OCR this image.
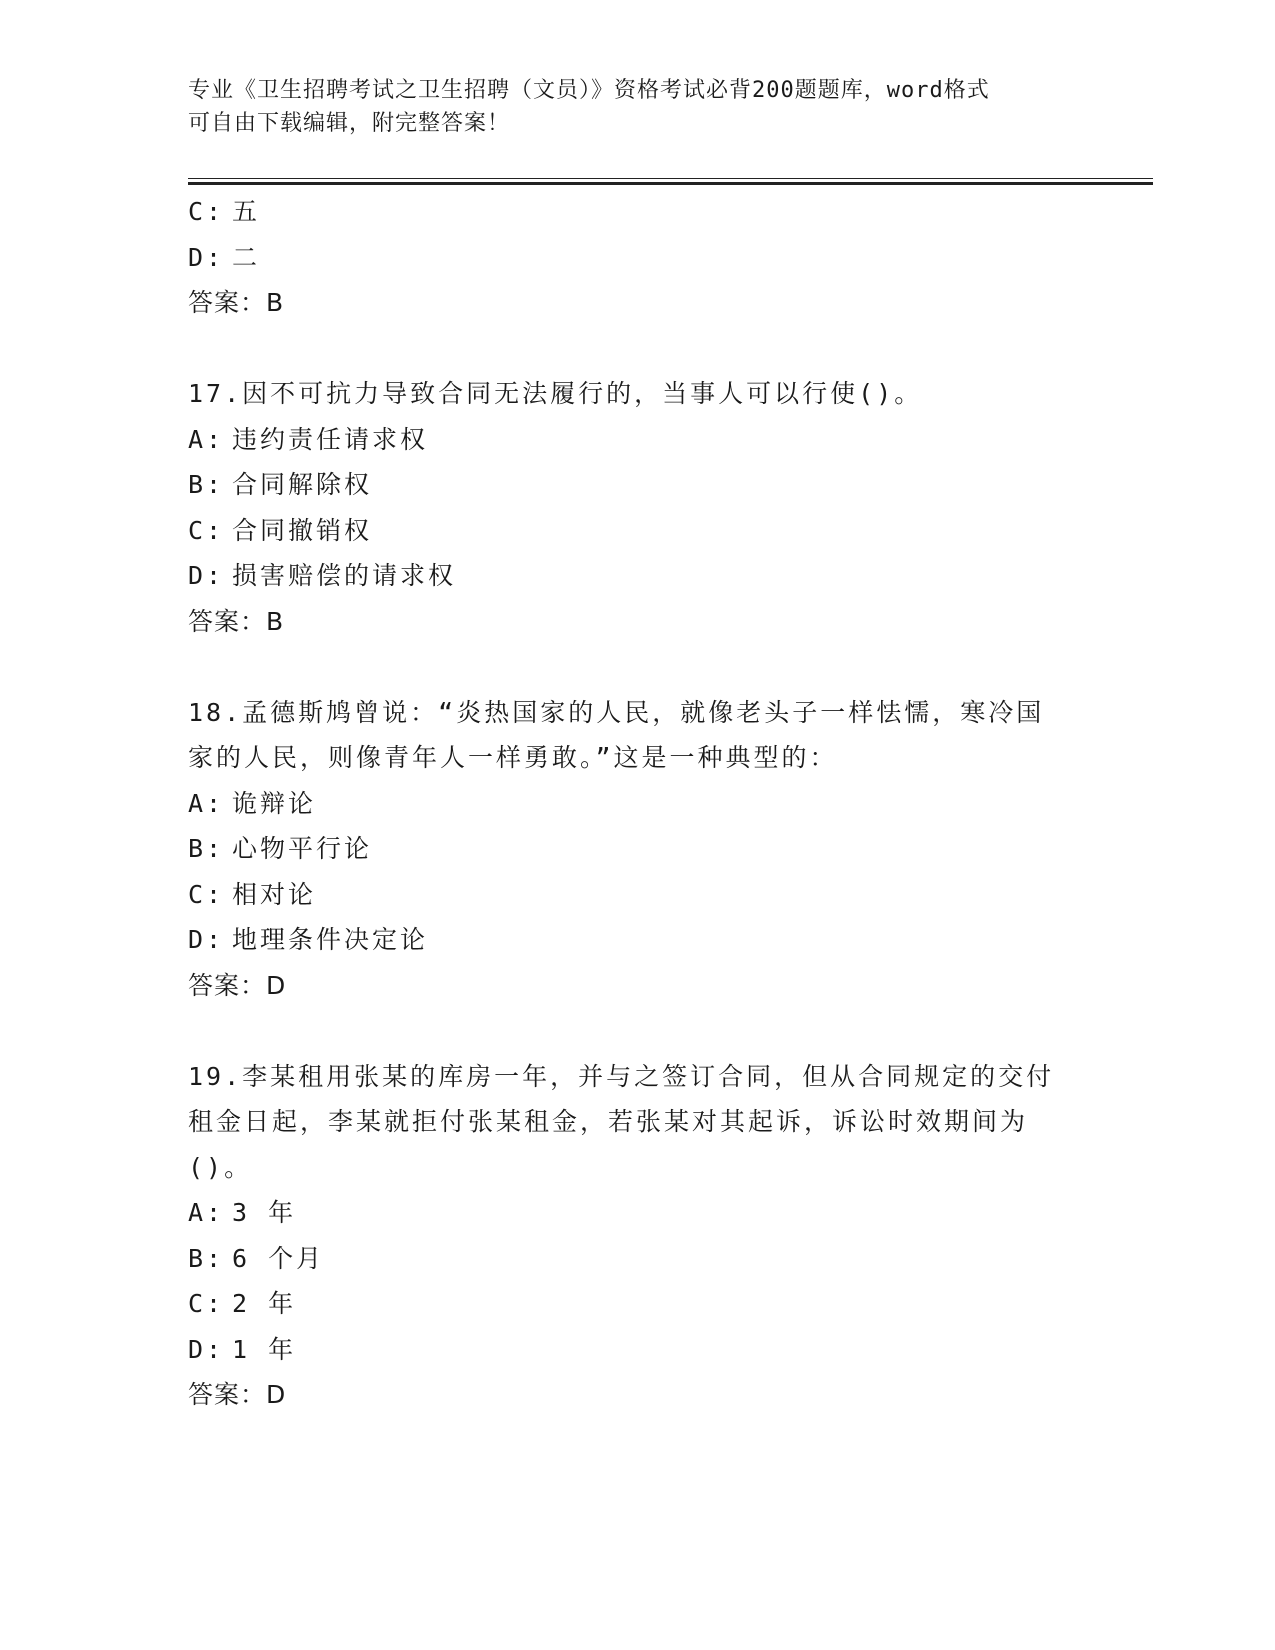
专业《卫生招聘考试之卫生招聘（文员）》资格考试必背200题题库，word格式
可自由下载编辑，附完整答案！
C: 五
D: 二
答案：B
17.因不可抗力导致合同无法履行的，当事人可以行使()。
A: 违约责任请求权
B: 合同解除权
C: 合同撤销权
D: 损害赔偿的请求权
答案：B
18.孟德斯鸠曾说：“炎热国家的人民，就像老头子一样怯懦，寒冷国
家的人民，则像青年人一样勇敢。”这是一种典型的：
A: 诡辩论
B: 心物平行论
C: 相对论
D: 地理条件决定论
答案：D
19.李某租用张某的库房一年，并与之签订合同，但从合同规定的交付
租金日起，李某就拒付张某租金，若张某对其起诉，诉讼时效期间为
()。
A: 3 年
B: 6 个月
C: 2 年
D: 1 年
答案：D
